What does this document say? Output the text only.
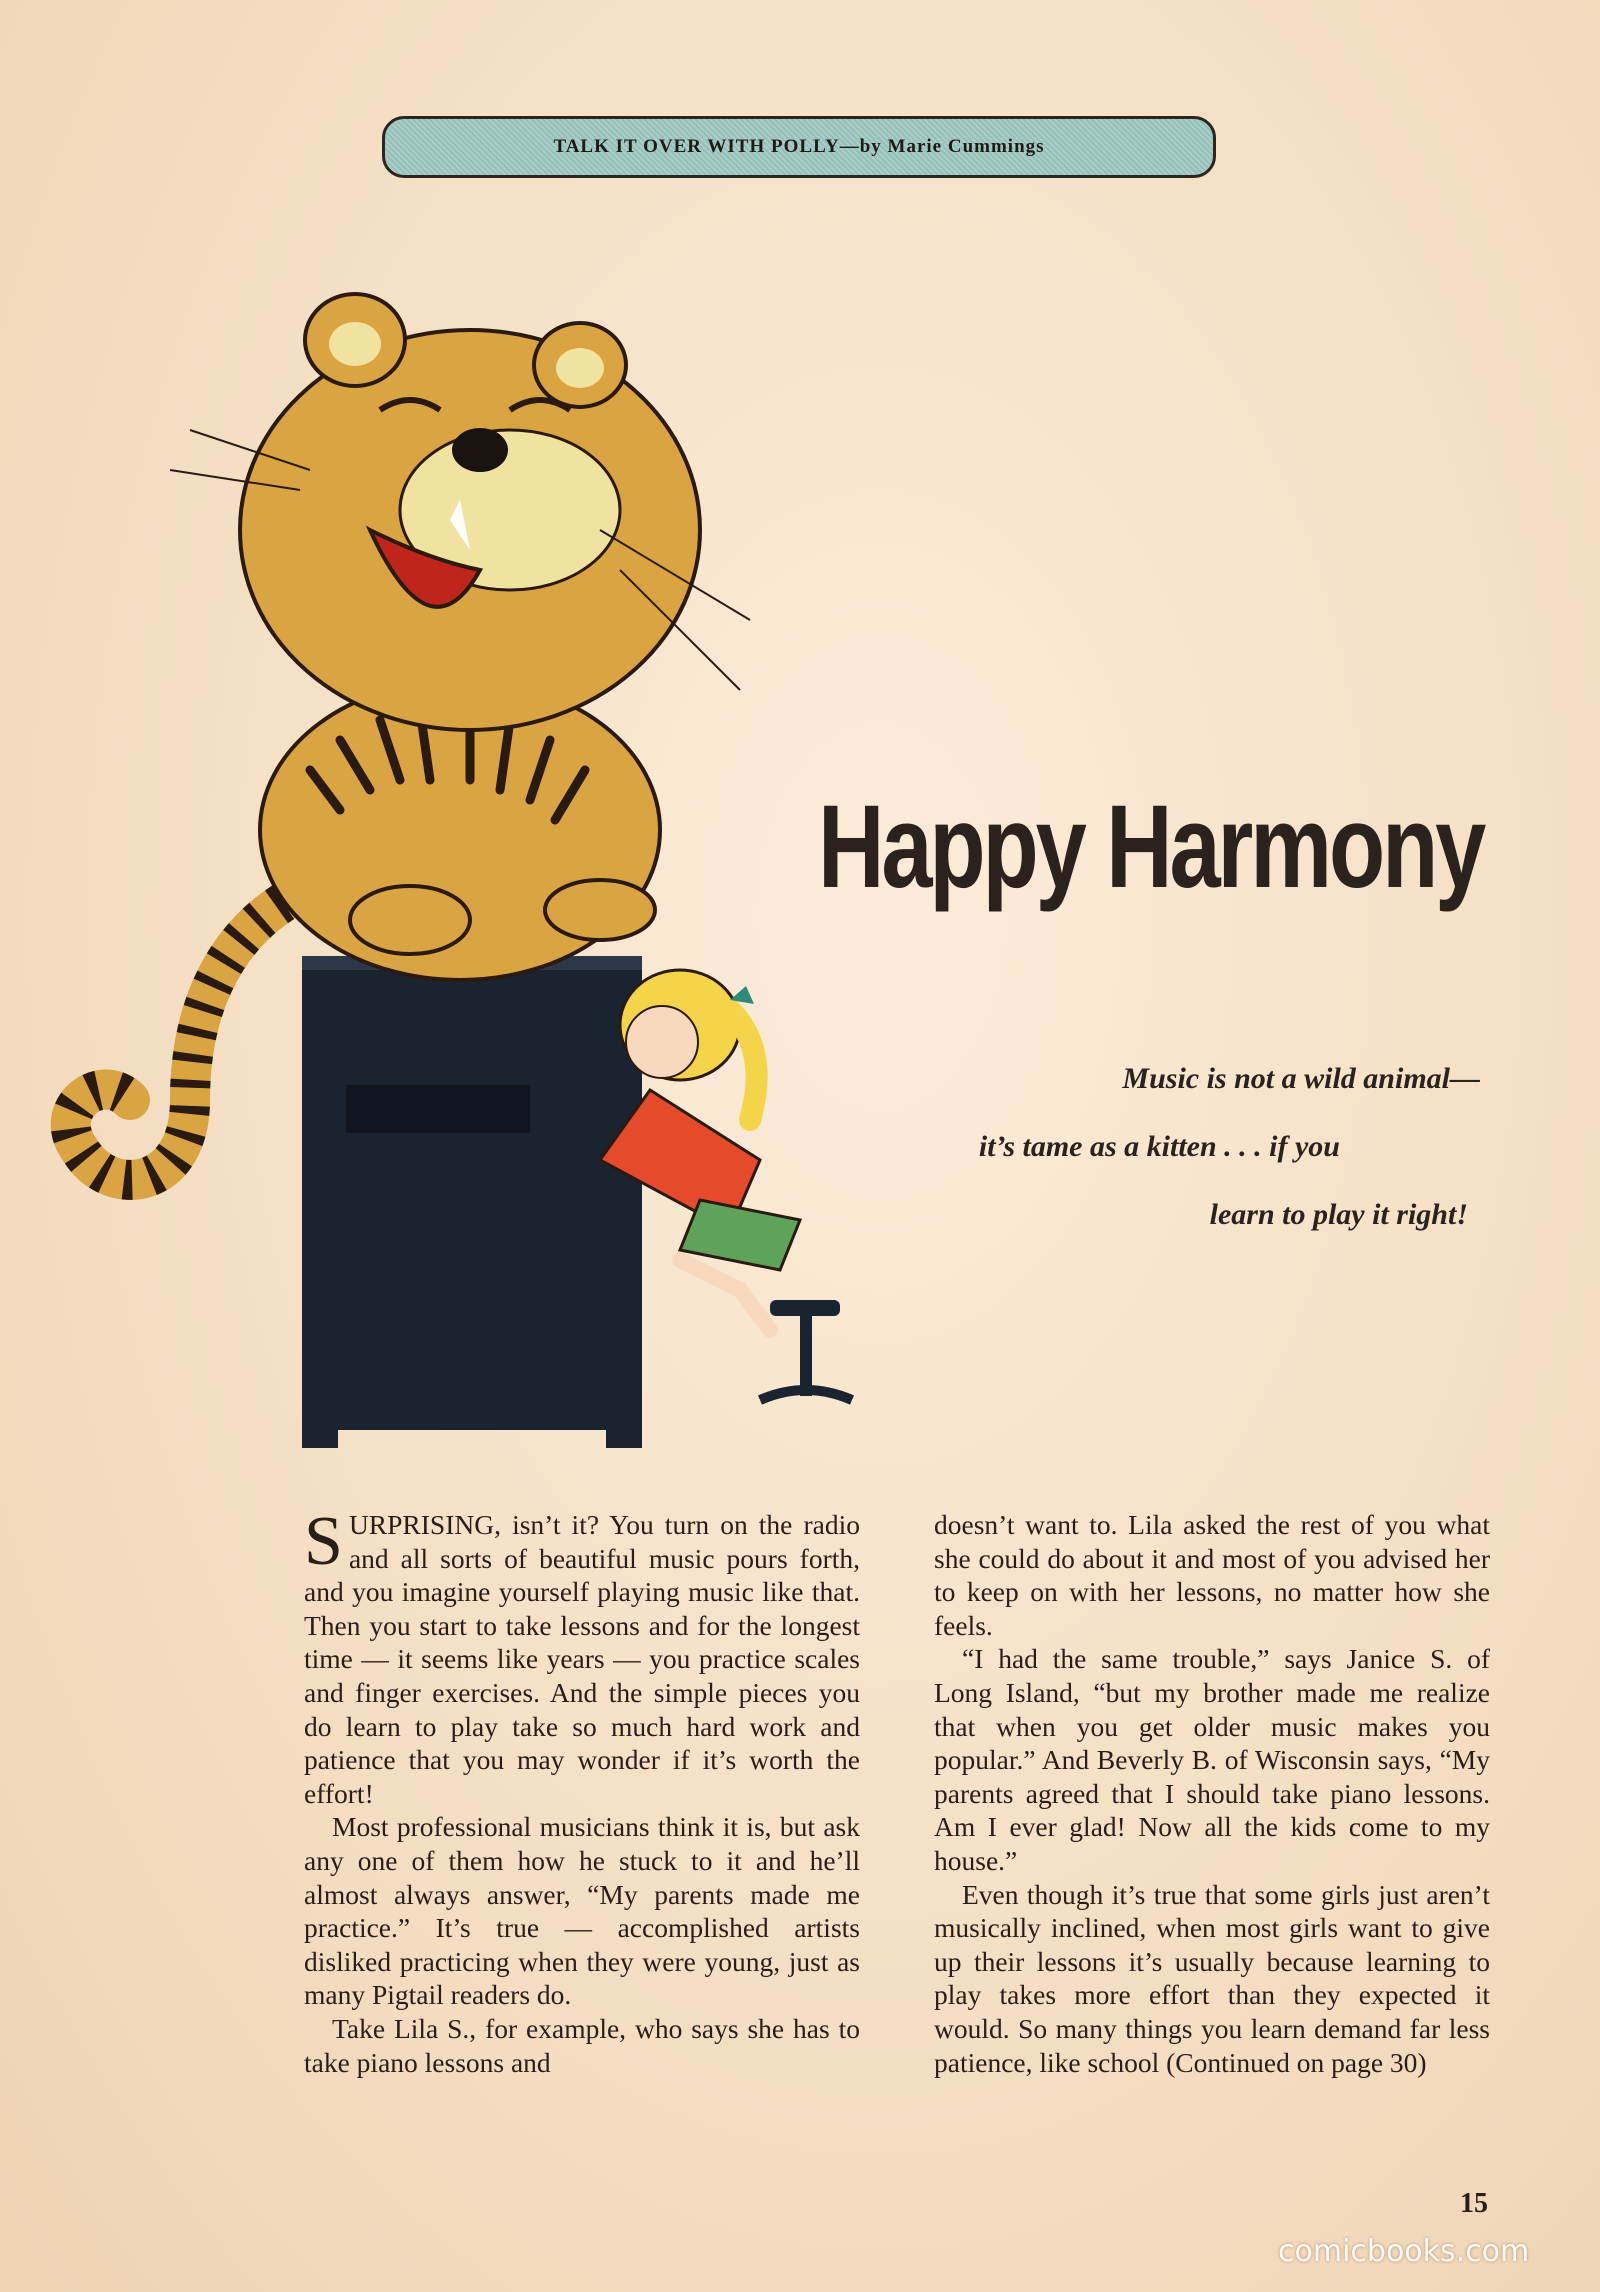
TALK IT OVER WITH POLLY—by Marie Cummings
Happy Harmony
Music is not a wild animal—
it’s tame as a kitten . . . if you
learn to play it right!

SURPRISING, isn’t it? You turn on the radio and all sorts of beautiful music pours forth, and you imagine yourself playing music like that. Then you start to take lessons and for the longest time — it seems like years — you practice scales and finger exercises. And the simple pieces you do learn to play take so much hard work and patience that you may wonder if it’s worth the effort!

Most professional musicians think it is, but ask any one of them how he stuck to it and he’ll almost always answer, “My parents made me practice.” It’s true — accomplished artists disliked practicing when they were young, just as many Pigtail readers do.

Take Lila S., for example, who says she has to take piano lessons and

doesn’t want to. Lila asked the rest of you what she could do about it and most of you advised her to keep on with her lessons, no matter how she feels.

“I had the same trouble,” says Janice S. of Long Island, “but my brother made me realize that when you get older music makes you popular.” And Beverly B. of Wisconsin says, “My parents agreed that I should take piano lessons. Am I ever glad! Now all the kids come to my house.”

Even though it’s true that some girls just aren’t musically inclined, when most girls want to give up their lessons it’s usually because learning to play takes more effort than they expected it would. So many things you learn demand far less patience, like school (Continued on page 30)

15
comicbooks.com
